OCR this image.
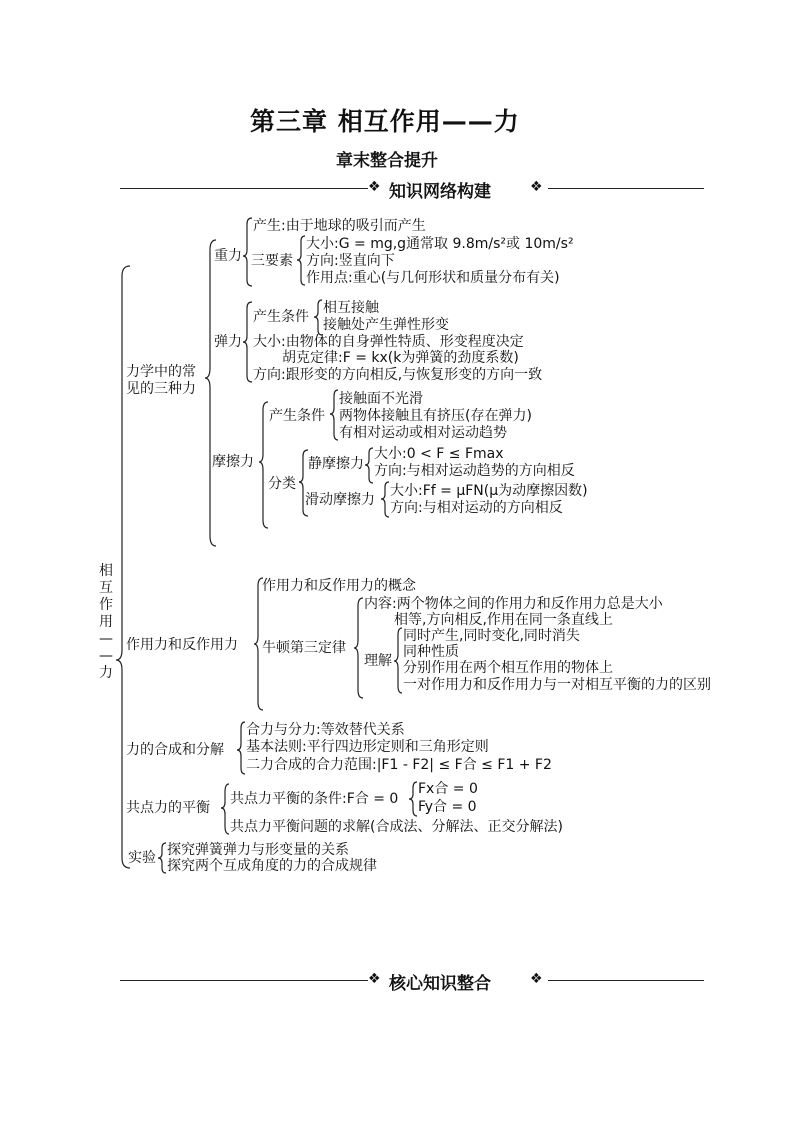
第三章 相互作用——力
章末整合提升
❖ 知识网络构建	❖
❖ 核心知识整合	❖
相
互
作
用
—
—
力
力学中的常
见的三种力
重力
产生:由于地球的吸引而产生
三要素
大小:G = mg,g通常取 9.8m/s²或 10m/s²
方向:竖直向下
作用点:重心(与几何形状和质量分布有关)
弹力
产生条件
相互接触
接触处产生弹性形变
大小:由物体的自身弹性特质、形变程度决定
胡克定律:F = kx(k为弹簧的劲度系数)
方向:跟形变的方向相反,与恢复形变的方向一致
摩擦力
产生条件
接触面不光滑
两物体接触且有挤压(存在弹力)
有相对运动或相对运动趋势
分类
静摩擦力
大小:0 < F ≤ Fmax
方向:与相对运动趋势的方向相反
滑动摩擦力
大小:Ff = μFN(μ为动摩擦因数)
方向:与相对运动的方向相反
作用力和反作用力
作用力和反作用力的概念
牛顿第三定律
内容:两个物体之间的作用力和反作用力总是大小
相等,方向相反,作用在同一条直线上
理解
同时产生,同时变化,同时消失
同种性质
分别作用在两个相互作用的物体上
一对作用力和反作用力与一对相互平衡的力的区别
力的合成和分解
合力与分力:等效替代关系
基本法则:平行四边形定则和三角形定则
二力合成的合力范围:|F1 - F2| ≤ F合 ≤ F1 + F2
共点力的平衡
共点力平衡的条件:F合 = 0
Fx合 = 0
Fy合 = 0
共点力平衡问题的求解(合成法、分解法、正交分解法)
实验 探究弹簧弹力与形变量的关系
探究两个互成角度的力的合成规律
